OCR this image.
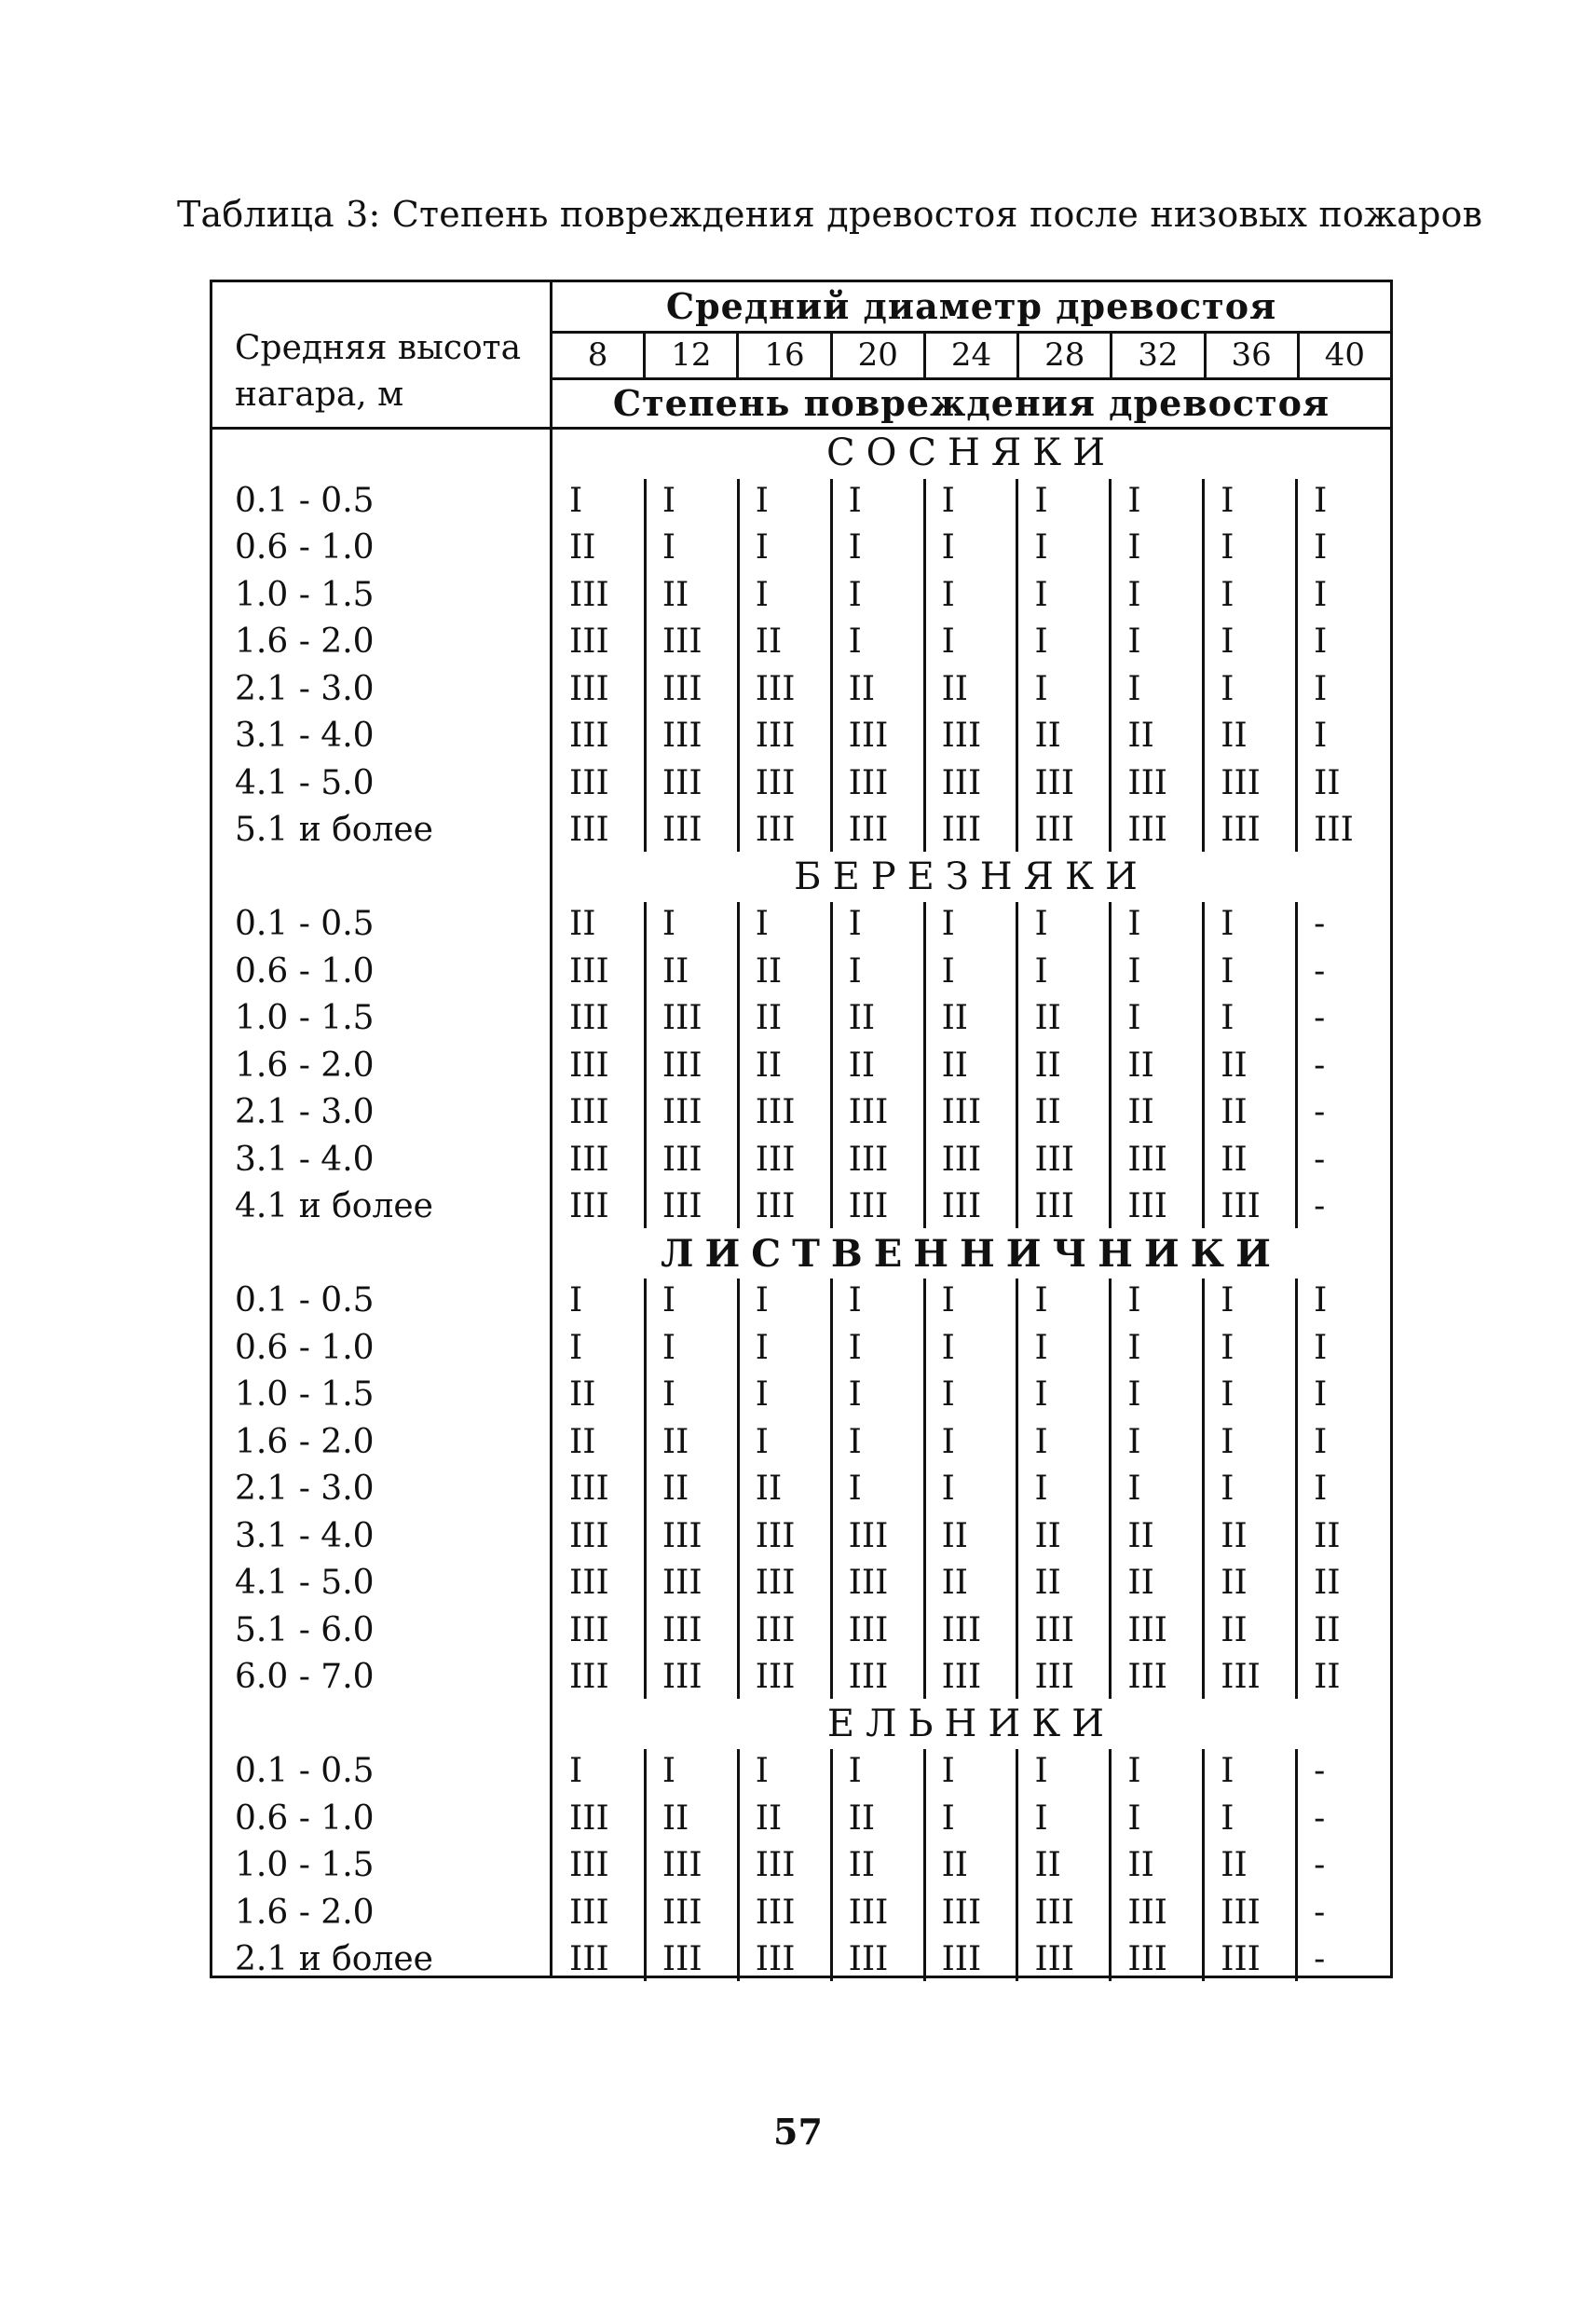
Таблица 3: Степень повреждения древостоя после низовых пожаров
Средняя высота
нагара, м
Средний диаметр древостоя
8	12	16	20	24	28	32	36	40
Степень повреждения древостоя
СОСНЯКИ
0.1 - 0.5	I	I	I	I	I	I	I	I	I
0.6 - 1.0	II	I	I	I	I	I	I	I	I
1.0 - 1.5	III	II	I	I	I	I	I	I	I
1.6 - 2.0	III	III	II	I	I	I	I	I	I
2.1 - 3.0	III	III	III	II	II	I	I	I	I
3.1 - 4.0	III	III	III	III	III	II	II	II	I
4.1 - 5.0	III	III	III	III	III	III	III	III	II
5.1 и более	III	III	III	III	III	III	III	III	III
БЕРЕЗНЯКИ
0.1 - 0.5	II	I	I	I	I	I	I	I	-
0.6 - 1.0	III	II	II	I	I	I	I	I	-
1.0 - 1.5	III	III	II	II	II	II	I	I	-
1.6 - 2.0	III	III	II	II	II	II	II	II	-
2.1 - 3.0	III	III	III	III	III	II	II	II	-
3.1 - 4.0	III	III	III	III	III	III	III	II	-
4.1 и более	III	III	III	III	III	III	III	III	-
ЛИСТВЕННИЧНИКИ
0.1 - 0.5	I	I	I	I	I	I	I	I	I
0.6 - 1.0	I	I	I	I	I	I	I	I	I
1.0 - 1.5	II	I	I	I	I	I	I	I	I
1.6 - 2.0	II	II	I	I	I	I	I	I	I
2.1 - 3.0	III	II	II	I	I	I	I	I	I
3.1 - 4.0	III	III	III	III	II	II	II	II	II
4.1 - 5.0	III	III	III	III	II	II	II	II	II
5.1 - 6.0	III	III	III	III	III	III	III	II	II
6.0 - 7.0	III	III	III	III	III	III	III	III	II
ЕЛЬНИКИ
0.1 - 0.5	I	I	I	I	I	I	I	I	-
0.6 - 1.0	III	II	II	II	I	I	I	I	-
1.0 - 1.5	III	III	III	II	II	II	II	II	-
1.6 - 2.0	III	III	III	III	III	III	III	III	-
2.1 и более	III	III	III	III	III	III	III	III	-
57
